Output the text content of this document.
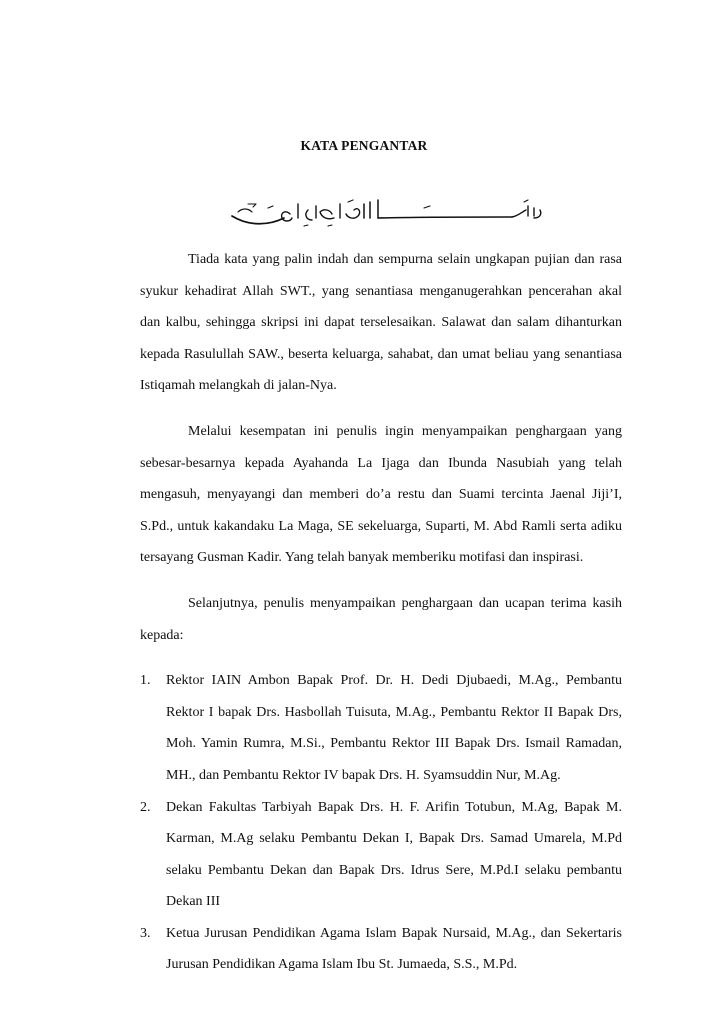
KATA PENGANTAR

Tiada kata yang palin indah dan sempurna selain ungkapan pujian dan rasa syukur kehadirat Allah SWT., yang senantiasa menganugerahkan pencerahan akal dan kalbu, sehingga skripsi ini dapat terselesaikan. Salawat dan salam dihanturkan kepada Rasulullah SAW., beserta keluarga, sahabat, dan umat beliau yang senantiasa Istiqamah melangkah di jalan-Nya.

Melalui kesempatan ini penulis ingin menyampaikan penghargaan yang sebesar-besarnya kepada Ayahanda La Ijaga dan Ibunda Nasubiah yang telah mengasuh, menyayangi dan memberi do’a restu dan Suami tercinta Jaenal Jiji’I, S.Pd., untuk kakandaku La Maga, SE sekeluarga, Suparti, M. Abd Ramli serta adiku tersayang Gusman Kadir. Yang telah banyak memberiku motifasi dan inspirasi.

Selanjutnya, penulis menyampaikan penghargaan dan ucapan terima kasih kepada:

1. Rektor IAIN Ambon Bapak Prof. Dr. H. Dedi Djubaedi, M.Ag., Pembantu Rektor I bapak Drs. Hasbollah Tuisuta, M.Ag., Pembantu Rektor II Bapak Drs, Moh. Yamin Rumra, M.Si., Pembantu Rektor III Bapak Drs. Ismail Ramadan, MH., dan Pembantu Rektor IV bapak Drs. H. Syamsuddin Nur, M.Ag.
2. Dekan Fakultas Tarbiyah Bapak Drs. H. F. Arifin Totubun, M.Ag, Bapak M. Karman, M.Ag selaku Pembantu Dekan I, Bapak Drs. Samad Umarela, M.Pd selaku Pembantu Dekan dan Bapak Drs. Idrus Sere, M.Pd.I selaku pembantu Dekan III
3. Ketua Jurusan Pendidikan Agama Islam Bapak Nursaid, M.Ag., dan Sekertaris Jurusan Pendidikan Agama Islam Ibu St. Jumaeda, S.S., M.Pd.
